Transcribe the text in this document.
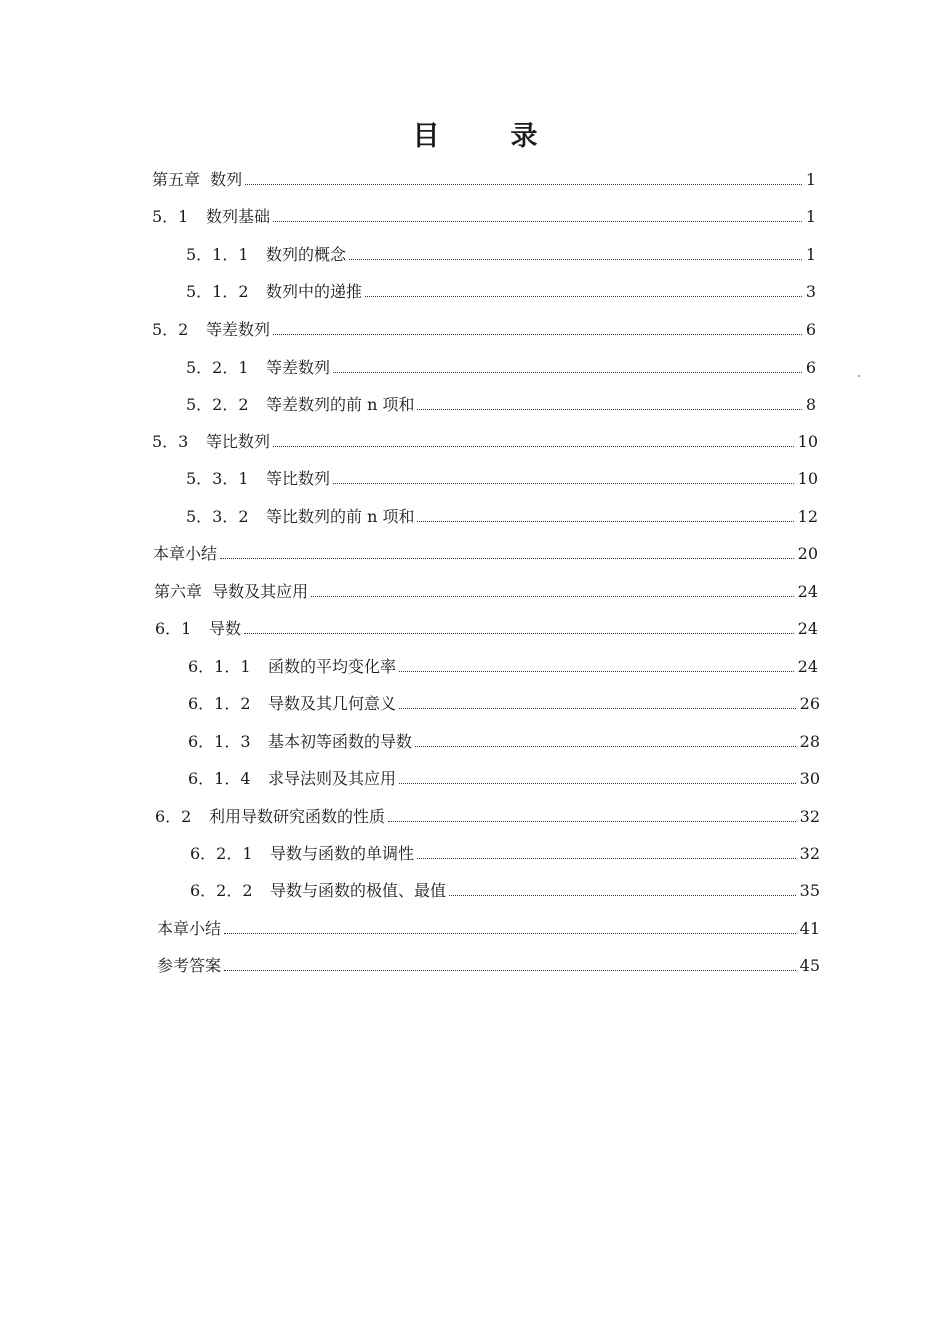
目　录
第五章  数列	1
5．1	数列基础	1
5．1．1	数列的概念	1
5．1．2	数列中的递推	3
5．2	等差数列	6
5．2．1	等差数列	6
5．2．2	等差数列的前 n 项和	8
5．3	等比数列	10
5．3．1	等比数列	10
5．3．2	等比数列的前 n 项和	12
本章小结	20
第六章  导数及其应用	24
6．1	导数	24
6．1．1	函数的平均变化率	24
6．1．2	导数及其几何意义	26
6．1．3	基本初等函数的导数	28
6．1．4	求导法则及其应用	30
6．2	利用导数研究函数的性质	32
6．2．1	导数与函数的单调性	32
6．2．2	导数与函数的极值、最值	35
本章小结	41
参考答案	45
